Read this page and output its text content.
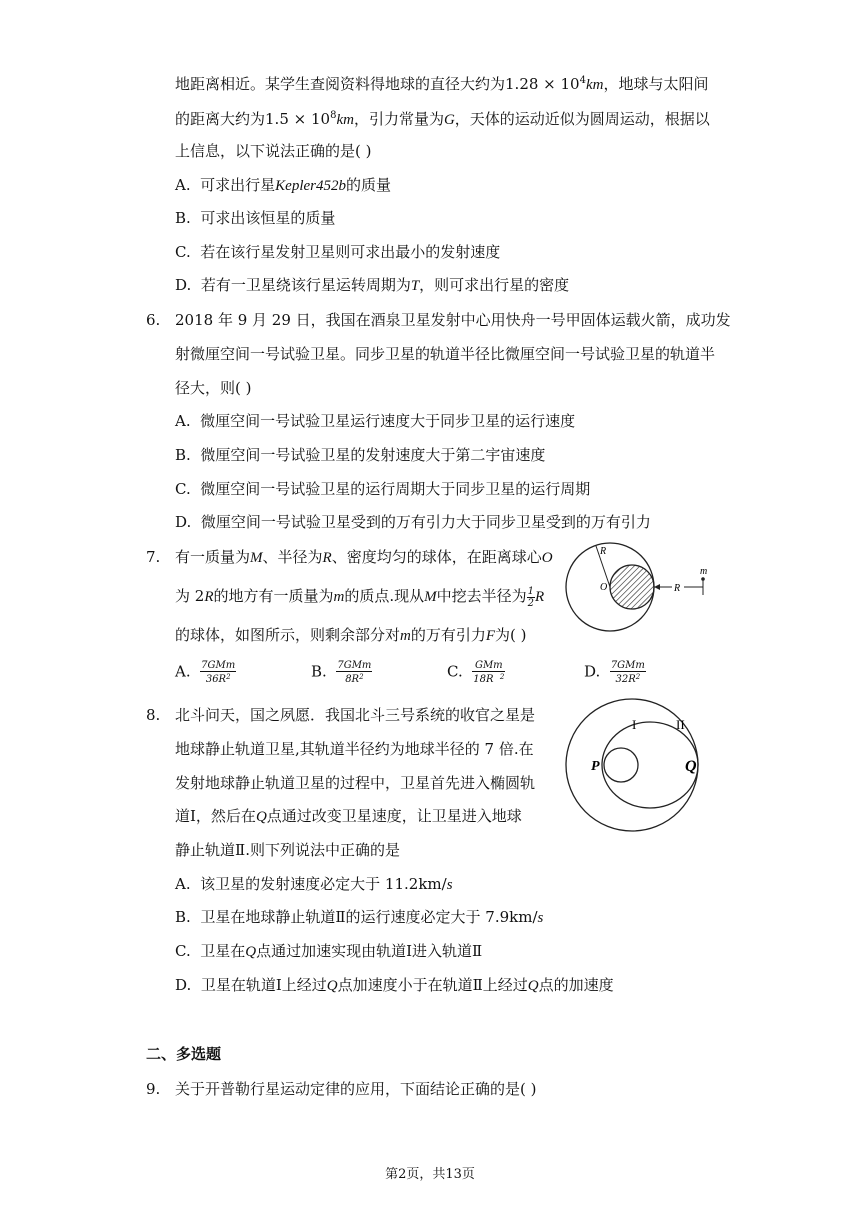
地距离相近。某学生查阅资料得地球的直径大约为$1.28 \times 10^4km$，地球与太阳间
的距离大约为$1.5 \times 10^8km$，引力常量为G，天体的运动近似为圆周运动，根据以
上信息，以下说法正确的是( )
A. 可求出行星Kepler452b的质量
B. 可求出该恒星的质量
C. 若在该行星发射卫星则可求出最小的发射速度
D. 若有一卫星绕该行星运转周期为T，则可求出行星的密度
6. 2018 年 9 月 29 日，我国在酒泉卫星发射中心用快舟一号甲固体运载火箭，成功发
射微厘空间一号试验卫星。同步卫星的轨道半径比微厘空间一号试验卫星的轨道半
径大，则( )
A. 微厘空间一号试验卫星运行速度大于同步卫星的运行速度
B. 微厘空间一号试验卫星的发射速度大于第二宇宙速度
C. 微厘空间一号试验卫星的运行周期大于同步卫星的运行周期
D. 微厘空间一号试验卫星受到的万有引力大于同步卫星受到的万有引力
7. 有一质量为M、半径为R、密度均匀的球体，在距离球心O
为 2R的地方有一质量为m的质点.现从M中挖去半径为 $\frac{1}{2}$ R
的球体，如图所示，则剩余部分对m的万有引力F为( )
A. $\frac{\text{7GMm}}{36R^2}$	B. $\frac{\text{7GMm}}{8R^2}$	C. $\frac{\text{GMm}}{18R ^2}$	D. $\frac{\text{7GMm}}{32R^2}$
R
O
m
R
8. 北斗问天，国之夙愿．我国北斗三号系统的收官之星是
地球静止轨道卫星,其轨道半径约为地球半径的 7 倍.在
发射地球静止轨道卫星的过程中，卫星首先进入椭圆轨
道Ⅰ，然后在Q点通过改变卫星速度，让卫星进入地球
静止轨道Ⅱ.则下列说法中正确的是
A. 该卫星的发射速度必定大于 11.2km/s
B. 卫星在地球静止轨道Ⅱ的运行速度必定大于 7.9km/s
C. 卫星在Q点通过加速实现由轨道Ⅰ进入轨道Ⅱ
D. 卫星在轨道Ⅰ上经过Q点加速度小于在轨道Ⅱ上经过Q点的加速度
I	II
P	Q
二、多选题
9. 关于开普勒行星运动定律的应用，下面结论正确的是( )
第2页，共13页
